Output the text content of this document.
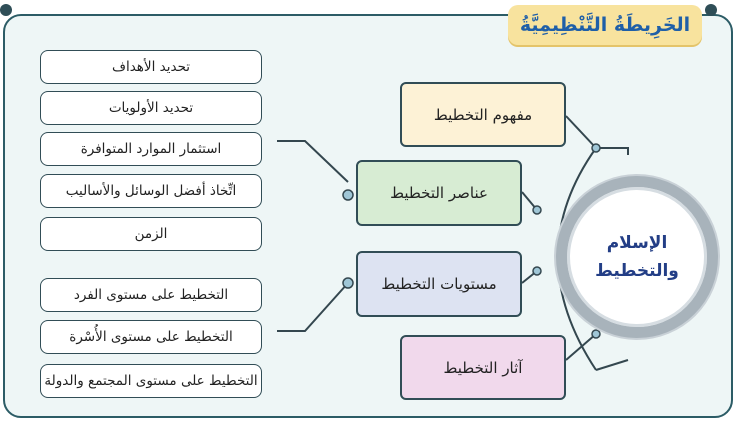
الخَرِيطَةُ التَّنْظِيمِيَّةُ
الإسلام
والتخطيط
مفهوم التخطيط
عناصر التخطيط
مستويات التخطيط
آثار التخطيط
تحديد الأهداف
تحديد الأولويات
استثمار الموارد المتوافرة
اتِّخاذ أفضل الوسائل والأساليب
الزمن
التخطيط على مستوى الفرد
التخطيط على مستوى الأُسْرة
التخطيط على مستوى المجتمع والدولة
